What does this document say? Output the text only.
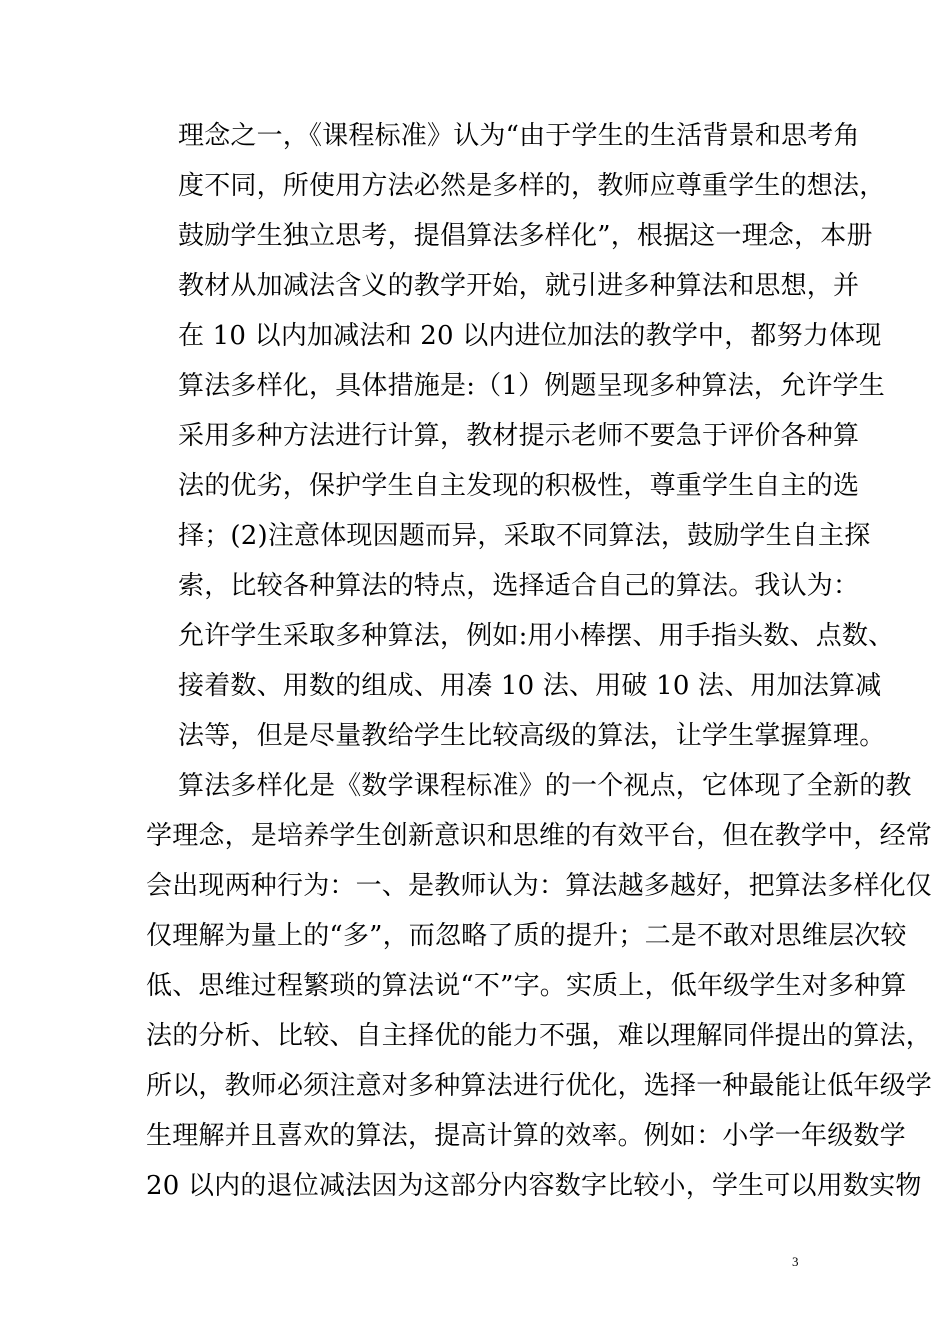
理念之一，《课程标准》认为“由于学生的生活背景和思考角
度不同，所使用方法必然是多样的，教师应尊重学生的想法，
鼓励学生独立思考，提倡算法多样化”，根据这一理念，本册
教材从加减法含义的教学开始，就引进多种算法和思想，并
在 10 以内加减法和 20 以内进位加法的教学中，都努力体现
算法多样化，具体措施是:（1）例题呈现多种算法，允许学生
采用多种方法进行计算，教材提示老师不要急于评价各种算
法的优劣，保护学生自主发现的积极性，尊重学生自主的选
择；(2)注意体现因题而异，采取不同算法，鼓励学生自主探
索，比较各种算法的特点，选择适合自己的算法。我认为：
允许学生采取多种算法，例如:用小棒摆、用手指头数、点数、
接着数、用数的组成、用凑 10 法、用破 10 法、用加法算减
法等，但是尽量教给学生比较高级的算法，让学生掌握算理。
算法多样化是《数学课程标准》的一个视点，它体现了全新的教
学理念，是培养学生创新意识和思维的有效平台，但在教学中，经常
会出现两种行为：一、是教师认为：算法越多越好，把算法多样化仅
仅理解为量上的“多”，而忽略了质的提升；二是不敢对思维层次较
低、思维过程繁琐的算法说“不”字。实质上，低年级学生对多种算
法的分析、比较、自主择优的能力不强，难以理解同伴提出的算法，
所以，教师必须注意对多种算法进行优化，选择一种最能让低年级学
生理解并且喜欢的算法，提高计算的效率。例如：小学一年级数学
20 以内的退位减法因为这部分内容数字比较小，学生可以用数实物
3
